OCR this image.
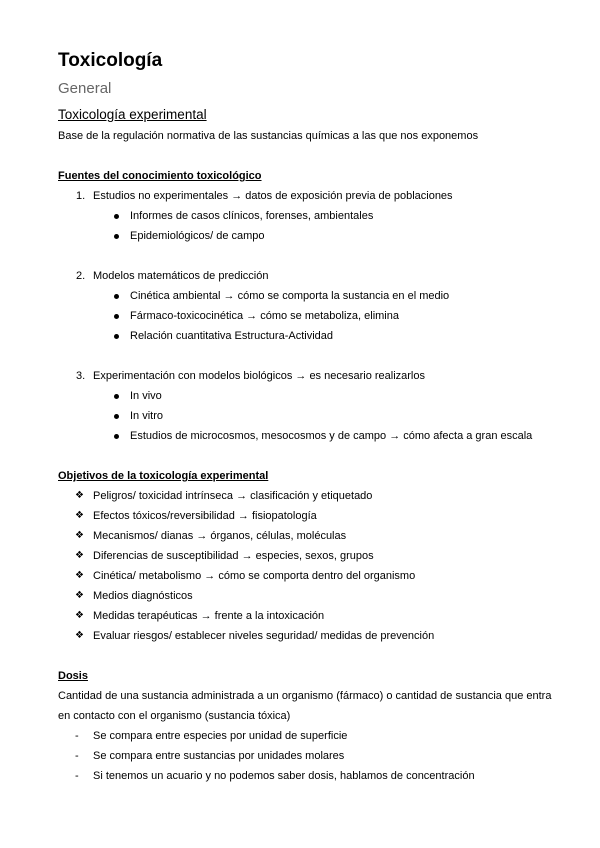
Toxicología
General
Toxicología experimental

Base de la regulación normativa de las sustancias químicas a las que nos exponemos

Fuentes del conocimiento toxicológico
1. Estudios no experimentales → datos de exposición previa de poblaciones
Informes de casos clínicos, forenses, ambientales
Epidemiológicos/ de campo
2. Modelos matemáticos de predicción
Cinética ambiental → cómo se comporta la sustancia en el medio
Fármaco-toxicocinética → cómo se metaboliza, elimina
Relación cuantitativa Estructura-Actividad
3. Experimentación con modelos biológicos → es necesario realizarlos
In vivo
In vitro
Estudios de microcosmos, mesocosmos y de campo → cómo afecta a gran escala
Objetivos de la toxicología experimental
❖ Peligros/ toxicidad intrínseca → clasificación y etiquetado
❖ Efectos tóxicos/reversibilidad → fisiopatología
❖ Mecanismos/ dianas → órganos, células, moléculas
❖ Diferencias de susceptibilidad → especies, sexos, grupos
❖ Cinética/ metabolismo → cómo se comporta dentro del organismo
❖ Medios diagnósticos
❖ Medidas terapéuticas → frente a la intoxicación
❖ Evaluar riesgos/ establecer niveles seguridad/ medidas de prevención
Dosis

Cantidad de una sustancia administrada a un organismo (fármaco) o cantidad de sustancia que entra en contacto con el organismo (sustancia tóxica)

- Se compara entre especies por unidad de superficie
- Se compara entre sustancias por unidades molares
- Si tenemos un acuario y no podemos saber dosis, hablamos de concentración
